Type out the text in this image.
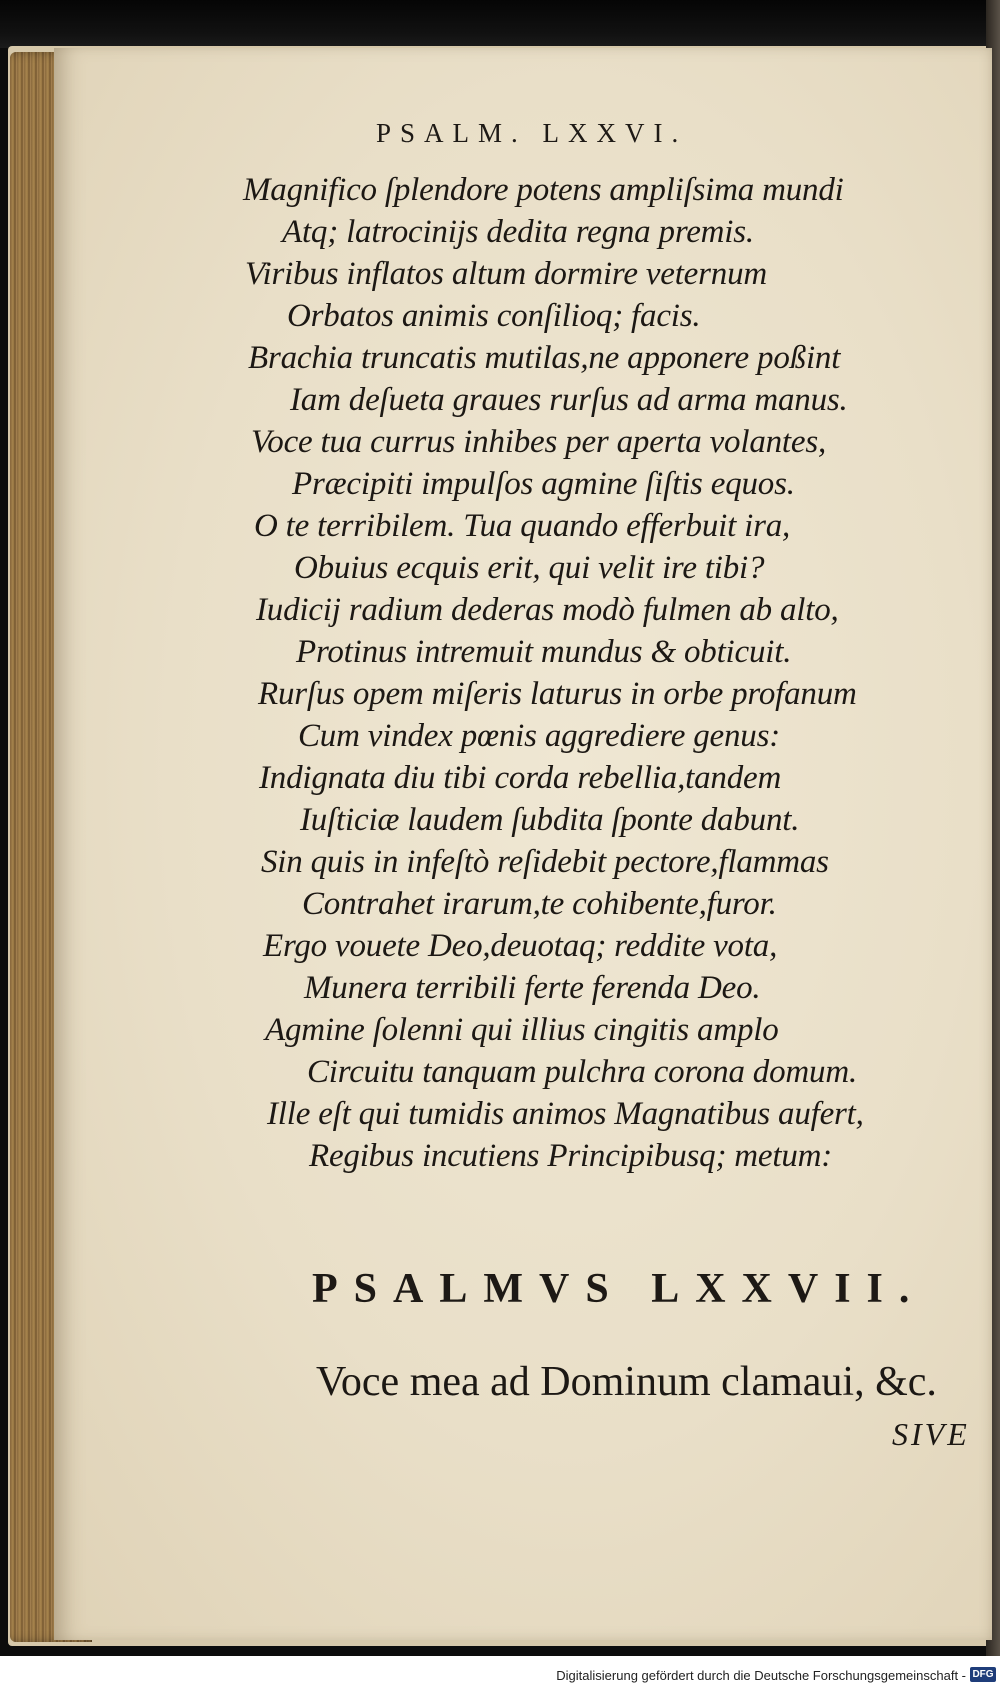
PSALM. LXXVI.
Magnifico ſplendore potens ampliſsima mundi
Atq; latrocinijs dedita regna premis.
Viribus inflatos altum dormire veternum
Orbatos animis conſilioq; facis.
Brachia truncatis mutilas,ne apponere poßint
Iam deſueta graues rurſus ad arma manus.
Voce tua currus inhibes per aperta volantes,
Præcipiti impulſos agmine ſiſtis equos.
O te terribilem. Tua quando efferbuit ira,
Obuius ecquis erit, qui velit ire tibi?
Iudicij radium dederas modò fulmen ab alto,
Protinus intremuit mundus & obticuit.
Rurſus opem miſeris laturus in orbe profanum
Cum vindex pœnis aggrediere genus:
Indignata diu tibi corda rebellia,tandem
Iuſticiæ laudem ſubdita ſponte dabunt.
Sin quis in infeſtò reſidebit pectore,flammas
Contrahet irarum,te cohibente,furor.
Ergo vouete Deo,deuotaq; reddite vota,
Munera terribili ferte ferenda Deo.
Agmine ſolenni qui illius cingitis amplo
Circuitu tanquam pulchra corona domum.
Ille eſt qui tumidis animos Magnatibus aufert,
Regibus incutiens Principibusq; metum:
PSALMVS LXXVII.
Voce mea ad Dominum clamaui, &c.
SIVE
Digitalisierung gefördert durch die Deutsche Forschungsgemeinschaft - DFG
